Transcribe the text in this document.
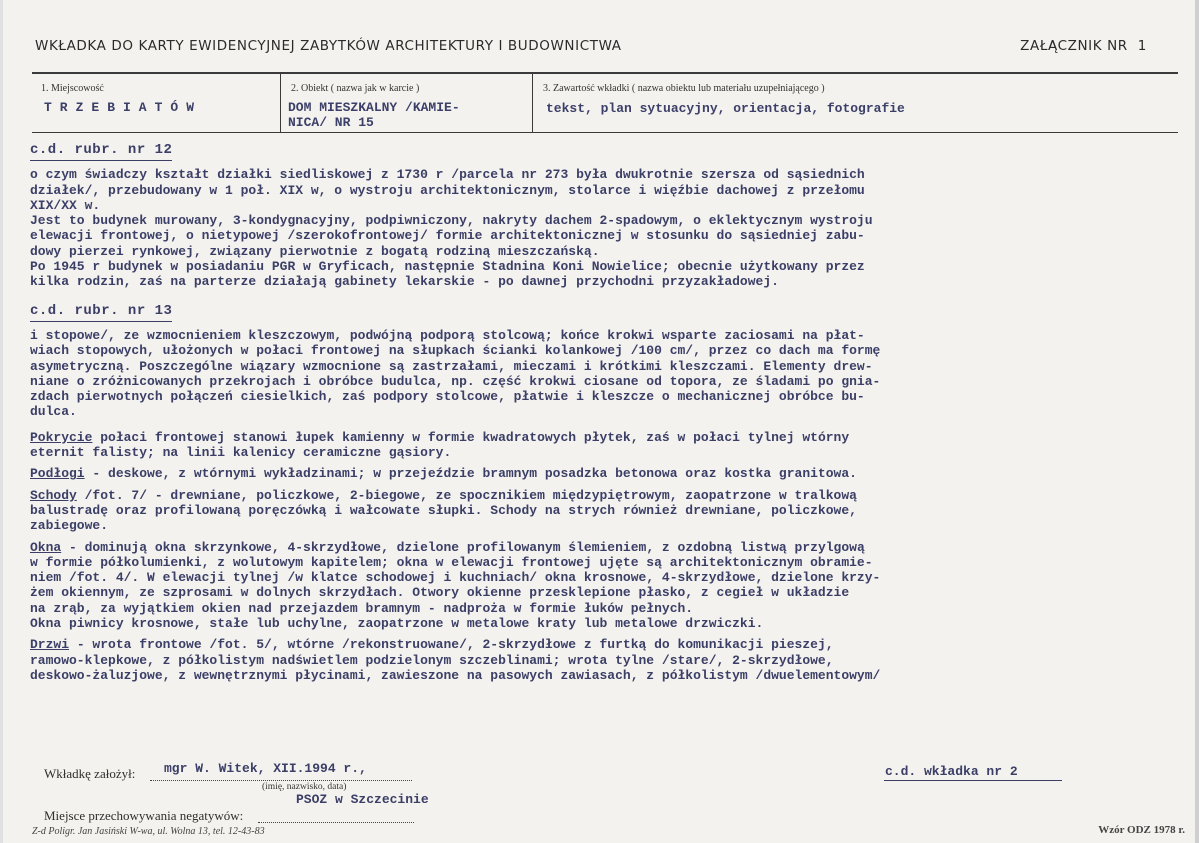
WKŁADKA DO KARTY EWIDENCYJNEJ ZABYTKÓW ARCHITEKTURY I BUDOWNICTWA	ZAŁĄCZNIK NR 1
1. Miejscowość
TRZEBIATÓW
2. Obiekt ( nazwa jak w karcie )
DOM MIESZKALNY /KAMIE-
NICA/ NR 15
3. Zawartość wkładki ( nazwa obiektu lub materiału uzupełniającego )
tekst, plan sytuacyjny, orientacja, fotografie
c.d. rubr. nr 12

o czym świadczy kształt działki siedliskowej z 1730 r /parcela nr 273 była dwukrotnie szersza od sąsiednich

działek/, przebudowany w 1 poł. XIX w, o wystroju architektonicznym, stolarce i więźbie dachowej z przełomu

XIX/XX w.

Jest to budynek murowany, 3-kondygnacyjny, podpiwniczony, nakryty dachem 2-spadowym, o eklektycznym wystroju

elewacji frontowej, o nietypowej /szerokofrontowej/ formie architektonicznej w stosunku do sąsiedniej zabu-

dowy pierzei rynkowej, związany pierwotnie z bogatą rodziną mieszczańską.

Po 1945 r budynek w posiadaniu PGR w Gryficach, następnie Stadnina Koni Nowielice; obecnie użytkowany przez

kilka rodzin, zaś na parterze działają gabinety lekarskie - po dawnej przychodni przyzakładowej.

c.d. rubr. nr 13

i stopowe/, ze wzmocnieniem kleszczowym, podwójną podporą stolcową; końce krokwi wsparte zaciosami na płat-

wiach stopowych, ułożonych w połaci frontowej na słupkach ścianki kolankowej /100 cm/, przez co dach ma formę

asymetryczną. Poszczególne wiązary wzmocnione są zastrzałami, mieczami i krótkimi kleszczami. Elementy drew-

niane o zróżnicowanych przekrojach i obróbce budulca, np. część krokwi ciosane od topora, ze śladami po gnia-

zdach pierwotnych połączeń ciesielkich, zaś podpory stolcowe, płatwie i kleszcze o mechanicznej obróbce bu-

dulca.

Pokrycie połaci frontowej stanowi łupek kamienny w formie kwadratowych płytek, zaś w połaci tylnej wtórny

eternit falisty; na linii kalenicy ceramiczne gąsiory.

Podłogi - deskowe, z wtórnymi wykładzinami; w przejeździe bramnym posadzka betonowa oraz kostka granitowa.

Schody /fot. 7/ - drewniane, policzkowe, 2-biegowe, ze spocznikiem międzypiętrowym, zaopatrzone w tralkową

balustradę oraz profilowaną poręczówką i wałcowate słupki. Schody na strych również drewniane, policzkowe,

zabiegowe.

Okna - dominują okna skrzynkowe, 4-skrzydłowe, dzielone profilowanym ślemieniem, z ozdobną listwą przylgową

w formie półkolumienki, z wolutowym kapitelem; okna w elewacji frontowej ujęte są architektonicznym obramie-

niem /fot. 4/. W elewacji tylnej /w klatce schodowej i kuchniach/ okna krosnowe, 4-skrzydłowe, dzielone krzy-

żem okiennym, ze szprosami w dolnych skrzydłach. Otwory okienne przesklepione płasko, z cegieł w układzie

na zrąb, za wyjątkiem okien nad przejazdem bramnym - nadproża w formie łuków pełnych.

Okna piwnicy krosnowe, stałe lub uchylne, zaopatrzone w metalowe kraty lub metalowe drzwiczki.

Drzwi - wrota frontowe /fot. 5/, wtórne /rekonstruowane/, 2-skrzydłowe z furtką do komunikacji pieszej,

ramowo-klepkowe, z półkolistym nadświetlem podzielonym szczeblinami; wrota tylne /stare/, 2-skrzydłowe,

deskowo-żaluzjowe, z wewnętrznymi płycinami, zawieszone na pasowych zawiasach, z półkolistym /dwuelementowym/

Wkładkę założył: mgr W. Witek, XII.1994 r.,
(imię, nazwisko, data)
Miejsce przechowywania negatywów:
PSOZ w Szczecinie
c.d. wkładka nr 2
Z-d Poligr. Jan Jasiński W-wa, ul. Wolna 13, tel. 12-43-83	Wzór ODZ 1978 r.
